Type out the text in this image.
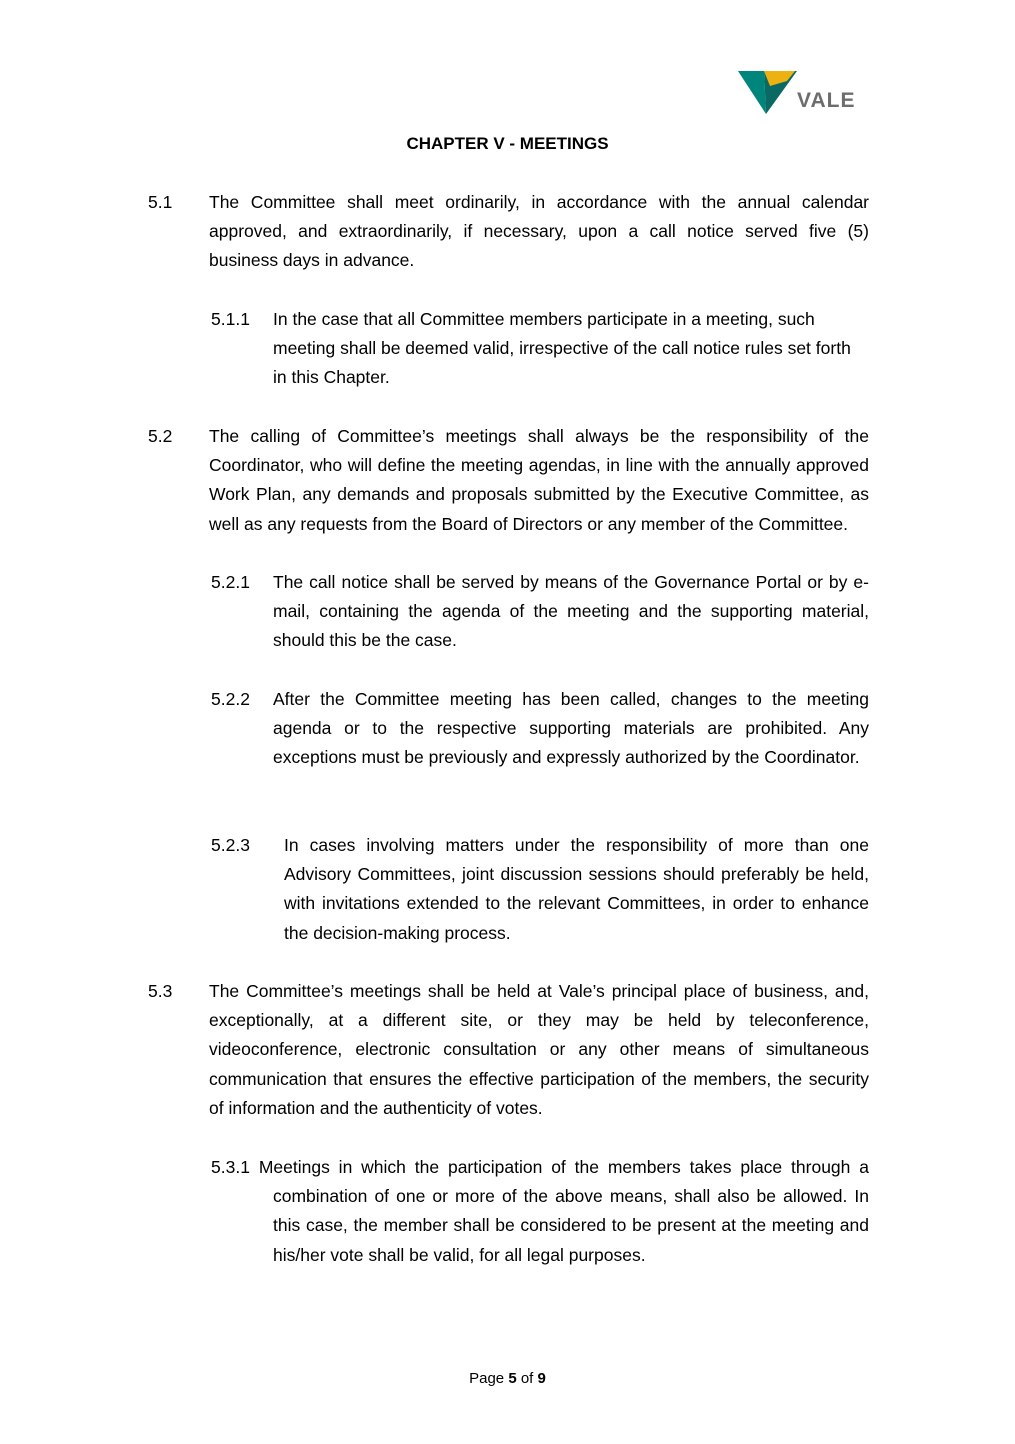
VALE
CHAPTER V - MEETINGS
5.1 The Committee shall meet ordinarily, in accordance with the annual calendar approved, and extraordinarily, if necessary, upon a call notice served five (5) business days in advance.
5.1.1 In the case that all Committee members participate in a meeting, such meeting shall be deemed valid, irrespective of the call notice rules set forth in this Chapter.
5.2 The calling of Committee’s meetings shall always be the responsibility of the Coordinator, who will define the meeting agendas, in line with the annually approved Work Plan, any demands and proposals submitted by the Executive Committee, as well as any requests from the Board of Directors or any member of the Committee.
5.2.1 The call notice shall be served by means of the Governance Portal or by e-mail, containing the agenda of the meeting and the supporting material, should this be the case.
5.2.2 After the Committee meeting has been called, changes to the meeting agenda or to the respective supporting materials are prohibited. Any exceptions must be previously and expressly authorized by the Coordinator.
5.2.3 In cases involving matters under the responsibility of more than one Advisory Committees, joint discussion sessions should preferably be held, with invitations extended to the relevant Committees, in order to enhance the decision-making process.
5.3 The Committee’s meetings shall be held at Vale’s principal place of business, and, exceptionally, at a different site, or they may be held by teleconference, videoconference, electronic consultation or any other means of simultaneous communication that ensures the effective participation of the members, the security of information and the authenticity of votes.
5.3.1 Meetings in which the participation of the members takes place through a combination of one or more of the above means, shall also be allowed. In this case, the member shall be considered to be present at the meeting and his/her vote shall be valid, for all legal purposes.
Page 5 of 9
